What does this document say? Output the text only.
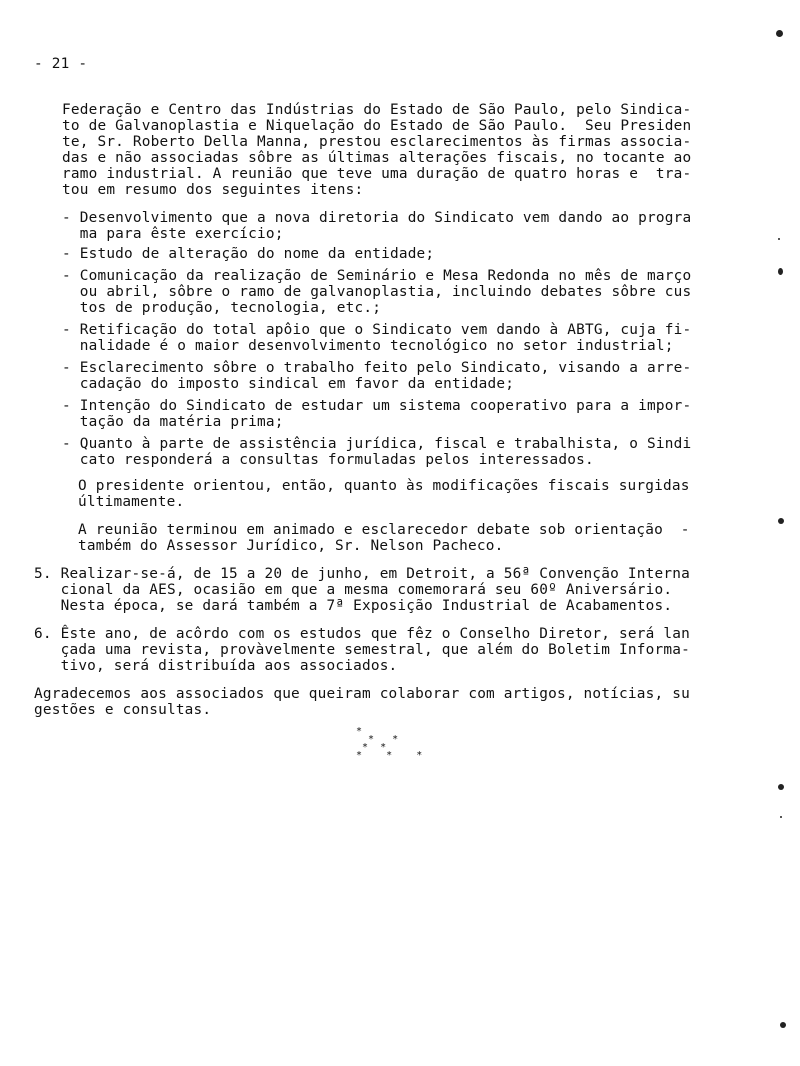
- 21 -
Federação e Centro das Indústrias do Estado de São Paulo, pelo Sindica-
to de Galvanoplastia e Niquelação do Estado de São Paulo.  Seu Presiden
te, Sr. Roberto Della Manna, prestou esclarecimentos às firmas associa-
das e não associadas sôbre as últimas alterações fiscais, no tocante ao
ramo industrial. A reunião que teve uma duração de quatro horas e  tra-
tou em resumo dos seguintes itens:
- Desenvolvimento que a nova diretoria do Sindicato vem dando ao progra
ma para êste exercício;
- Estudo de alteração do nome da entidade;
- Comunicação da realização de Seminário e Mesa Redonda no mês de março
ou abril, sôbre o ramo de galvanoplastia, incluindo debates sôbre cus
tos de produção, tecnologia, etc.;
- Retificação do total apôio que o Sindicato vem dando à ABTG, cuja fi-
nalidade é o maior desenvolvimento tecnológico no setor industrial;
- Esclarecimento sôbre o trabalho feito pelo Sindicato, visando a arre-
cadação do imposto sindical em favor da entidade;
- Intenção do Sindicato de estudar um sistema cooperativo para a impor-
tação da matéria prima;
- Quanto à parte de assistência jurídica, fiscal e trabalhista, o Sindi
cato responderá a consultas formuladas pelos interessados.
O presidente orientou, então, quanto às modificações fiscais surgidas
últimamente.
A reunião terminou em animado e esclarecedor debate sob orientação  -
também do Assessor Jurídico, Sr. Nelson Pacheco.
5. Realizar-se-á, de 15 a 20 de junho, em Detroit, a 56ª Convenção Interna
cional da AES, ocasião em que a mesma comemorará seu 60º Aniversário.
Nesta época, se dará também a 7ª Exposição Industrial de Acabamentos.
6. Êste ano, de acôrdo com os estudos que fêz o Conselho Diretor, será lan
çada uma revista, provàvelmente semestral, que além do Boletim Informa-
tivo, será distribuída aos associados.
Agradecemos aos associados que queiram colaborar com artigos, notícias, su
gestões e consultas.
*
*   *
*  *
*    *    *
